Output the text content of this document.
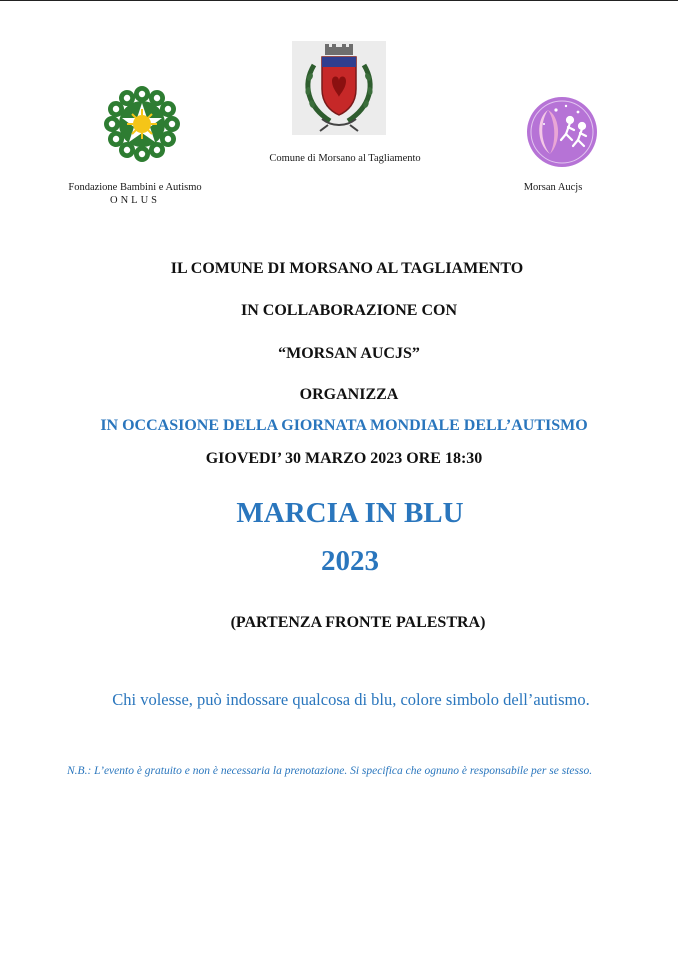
Fondazione Bambini e Autismo
ONLUS
Comune di Morsano al Tagliamento
Morsan Aucjs
IL COMUNE DI MORSANO AL TAGLIAMENTO
IN COLLABORAZIONE CON
“MORSAN AUCJS”
ORGANIZZA
IN OCCASIONE DELLA GIORNATA MONDIALE DELL’AUTISMO
GIOVEDI’ 30 MARZO 2023 ORE 18:30
MARCIA IN BLU
2023
(PARTENZA FRONTE PALESTRA)
Chi volesse, può indossare qualcosa di blu, colore simbolo dell’autismo.
N.B.: L’evento è gratuito e non è necessaria la prenotazione. Si specifica che ognuno è responsabile per se stesso.
